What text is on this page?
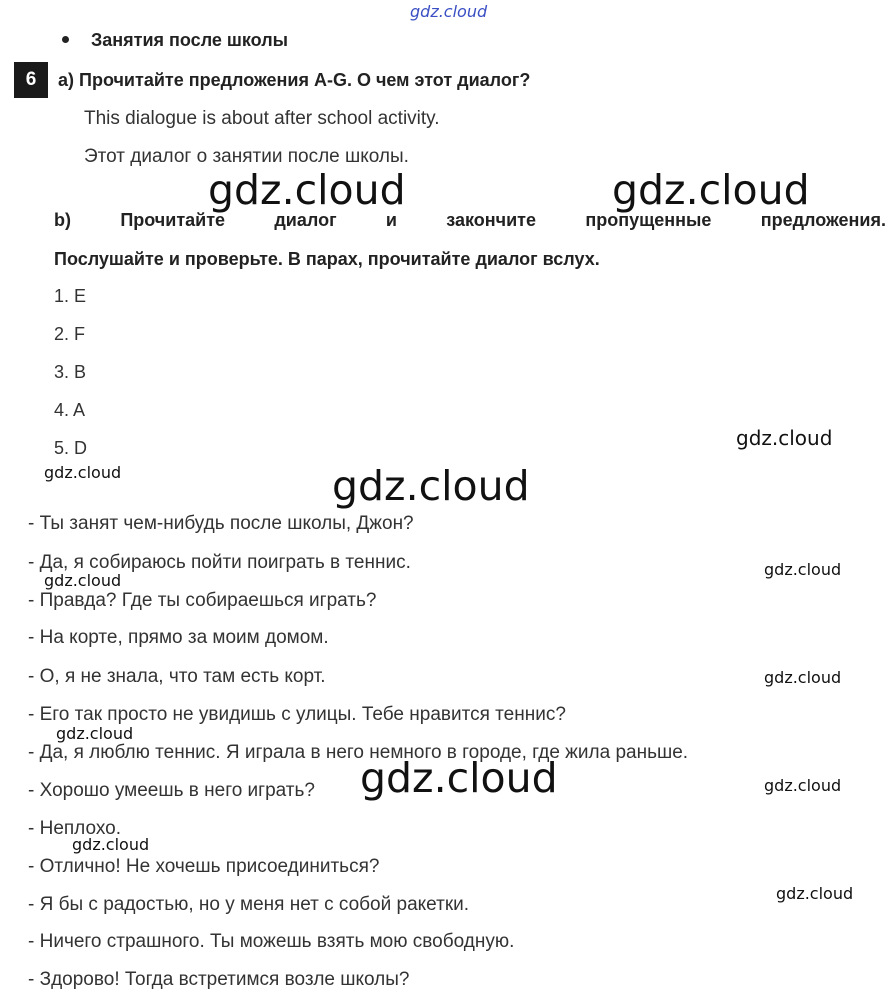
gdz.cloud
Занятия после школы
6	a) Прочитайте предложения A-G. О чем этот диалог?
This dialogue is about after school activity.
Этот диалог о занятии после школы.
b) Прочитайте диалог и закончите пропущенные предложения.
Послушайте и проверьте. В парах, прочитайте диалог вслух.
1. E
2. F
3. B
4. A
5. D
- Ты занят чем-нибудь после школы, Джон?
- Да, я собираюсь пойти поиграть в теннис.
- Правда? Где ты собираешься играть?
- На корте, прямо за моим домом.
- О, я не знала, что там есть корт.
- Его так просто не увидишь с улицы. Тебе нравится теннис?
- Да, я люблю теннис. Я играла в него немного в городе, где жила раньше.
- Хорошо умеешь в него играть?
- Неплохо.
- Отлично! Не хочешь присоединиться?
- Я бы с радостью, но у меня нет с собой ракетки.
- Ничего страшного. Ты можешь взять мою свободную.
- Здорово! Тогда встретимся возле школы?
gdz.cloud	gdz.cloud
gdz.cloud
gdz.cloud
gdz.cloud
gdz.cloud
gdz.cloud
gdz.cloud
gdz.cloud
gdz.cloud
gdz.cloud
gdz.cloud
gdz.cloud
